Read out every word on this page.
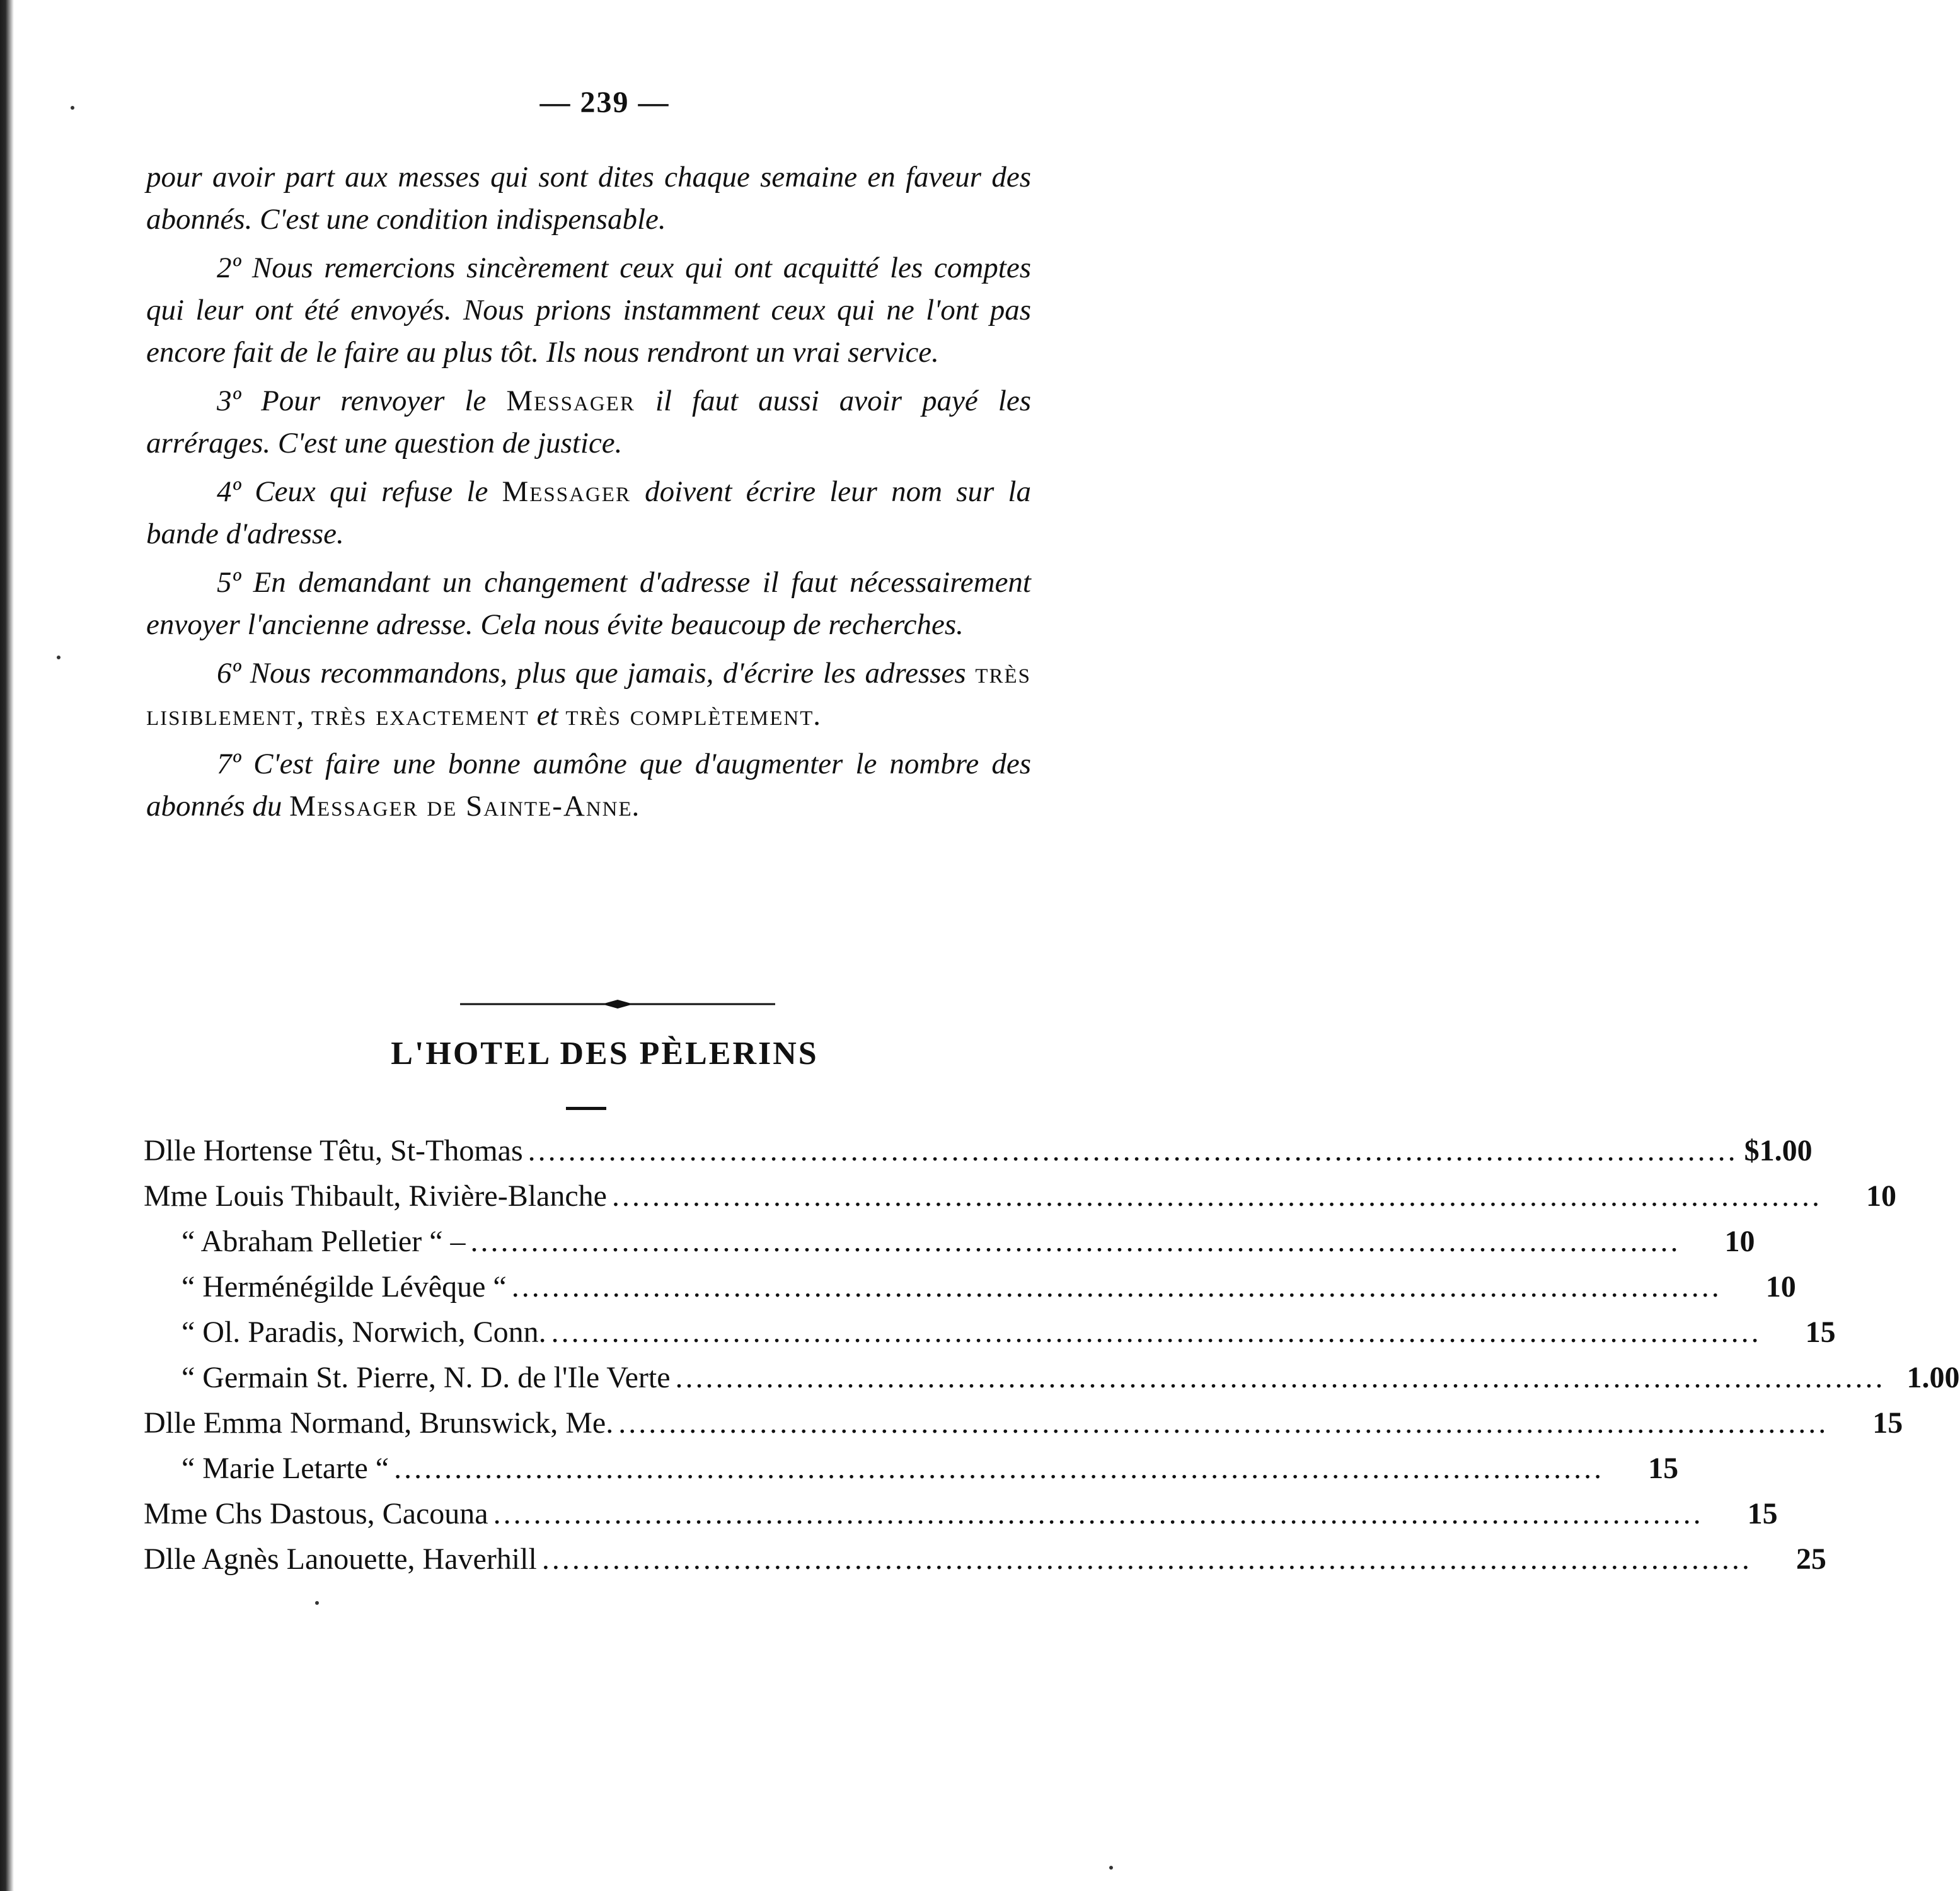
— 239 —

pour avoir part aux messes qui sont dites chaque semaine en faveur des abonnés. C'est une condition indispensable.

2º Nous remercions sincèrement ceux qui ont acquitté les comptes qui leur ont été envoyés. Nous prions instamment ceux qui ne l'ont pas encore fait de le faire au plus tôt. Ils nous rendront un vrai service.

3º Pour renvoyer le Messager il faut aussi avoir payé les arrérages. C'est une question de justice.

4º Ceux qui refuse le Messager doivent écrire leur nom sur la bande d'adresse.

5º En demandant un changement d'adresse il faut nécessairement envoyer l'ancienne adresse. Cela nous évite beaucoup de recherches.

6º Nous recommandons, plus que jamais, d'écrire les adresses très lisiblement, très exactement et très complètement.

7º C'est faire une bonne aumône que d'augmenter le nombre des abonnés du Messager de Sainte-Anne.

L'HOTEL DES PÈLERINS
Dlle Hortense Têtu, St-Thomas ........................................................................................................................ $1.00
Mme Louis Thibault, Rivière-Blanche ........................................................................................................................	10
“ Abraham Pelletier “ – ........................................................................................................................	10
“ Herménégilde Lévêque “ ........................................................................................................................	10
“ Ol. Paradis, Norwich, Conn. ........................................................................................................................	15
“ Germain St. Pierre, N. D. de l'Ile Verte ........................................................................................................................ 1.00
Dlle Emma Normand, Brunswick, Me. ........................................................................................................................	15
“ Marie Letarte “ ........................................................................................................................	15
Mme Chs Dastous, Cacouna ........................................................................................................................	15
Dlle Agnès Lanouette, Haverhill ........................................................................................................................	25
